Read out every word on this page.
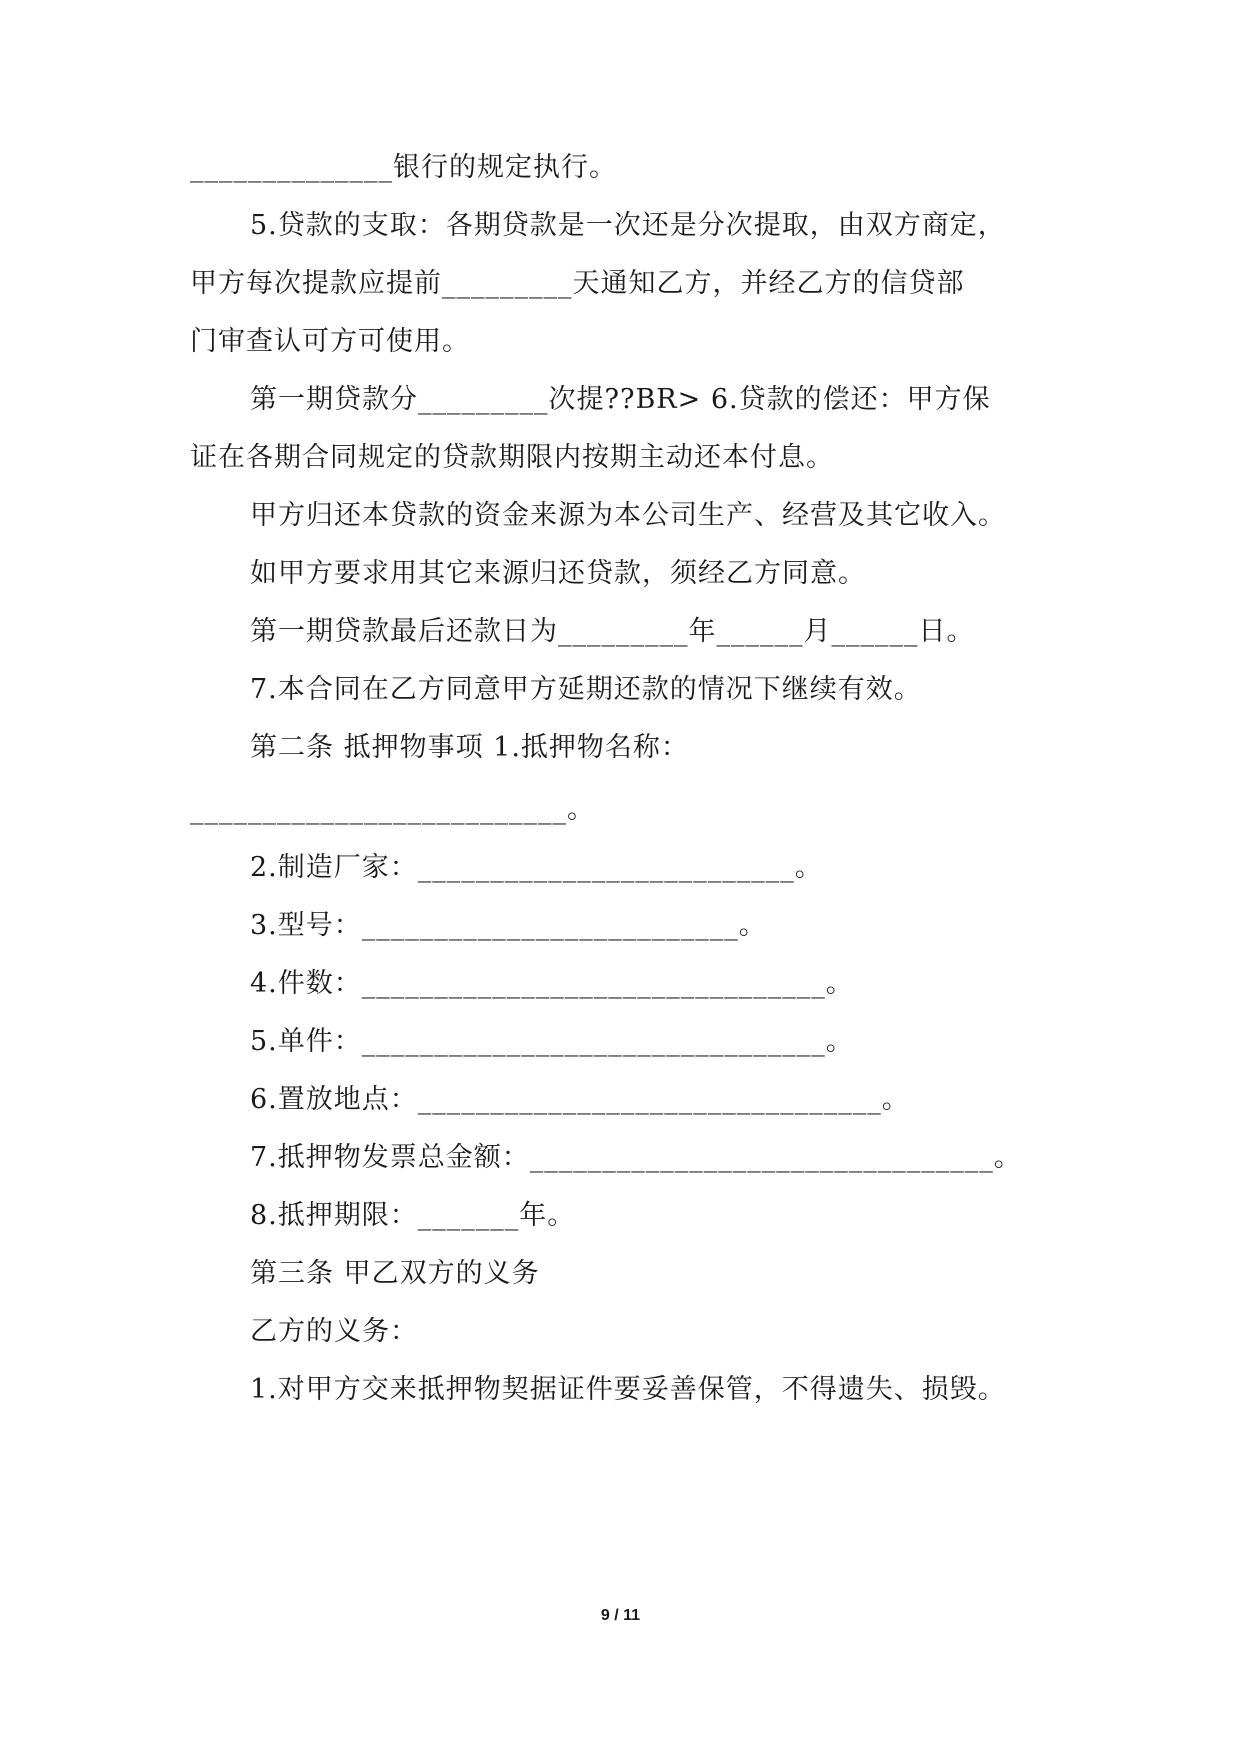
______________银行的规定执行。
5.贷款的支取：各期贷款是一次还是分次提取，由双方商定，
甲方每次提款应提前_________天通知乙方，并经乙方的信贷部
门审查认可方可使用。
第一期贷款分_________次提??BR> 6.贷款的偿还：甲方保
证在各期合同规定的贷款期限内按期主动还本付息。
甲方归还本贷款的资金来源为本公司生产、经营及其它收入。
如甲方要求用其它来源归还贷款，须经乙方同意。
第一期贷款最后还款日为_________年______月______日。
7.本合同在乙方同意甲方延期还款的情况下继续有效。
第二条 抵押物事项 1.抵押物名称：
__________________________。
2.制造厂家：__________________________。
3.型号：__________________________。
4.件数：________________________________。
5.单件：________________________________。
6.置放地点：________________________________。
7.抵押物发票总金额：________________________________。
8.抵押期限：_______年。
第三条 甲乙双方的义务
乙方的义务：
1.对甲方交来抵押物契据证件要妥善保管，不得遗失、损毁。
9 / 11
